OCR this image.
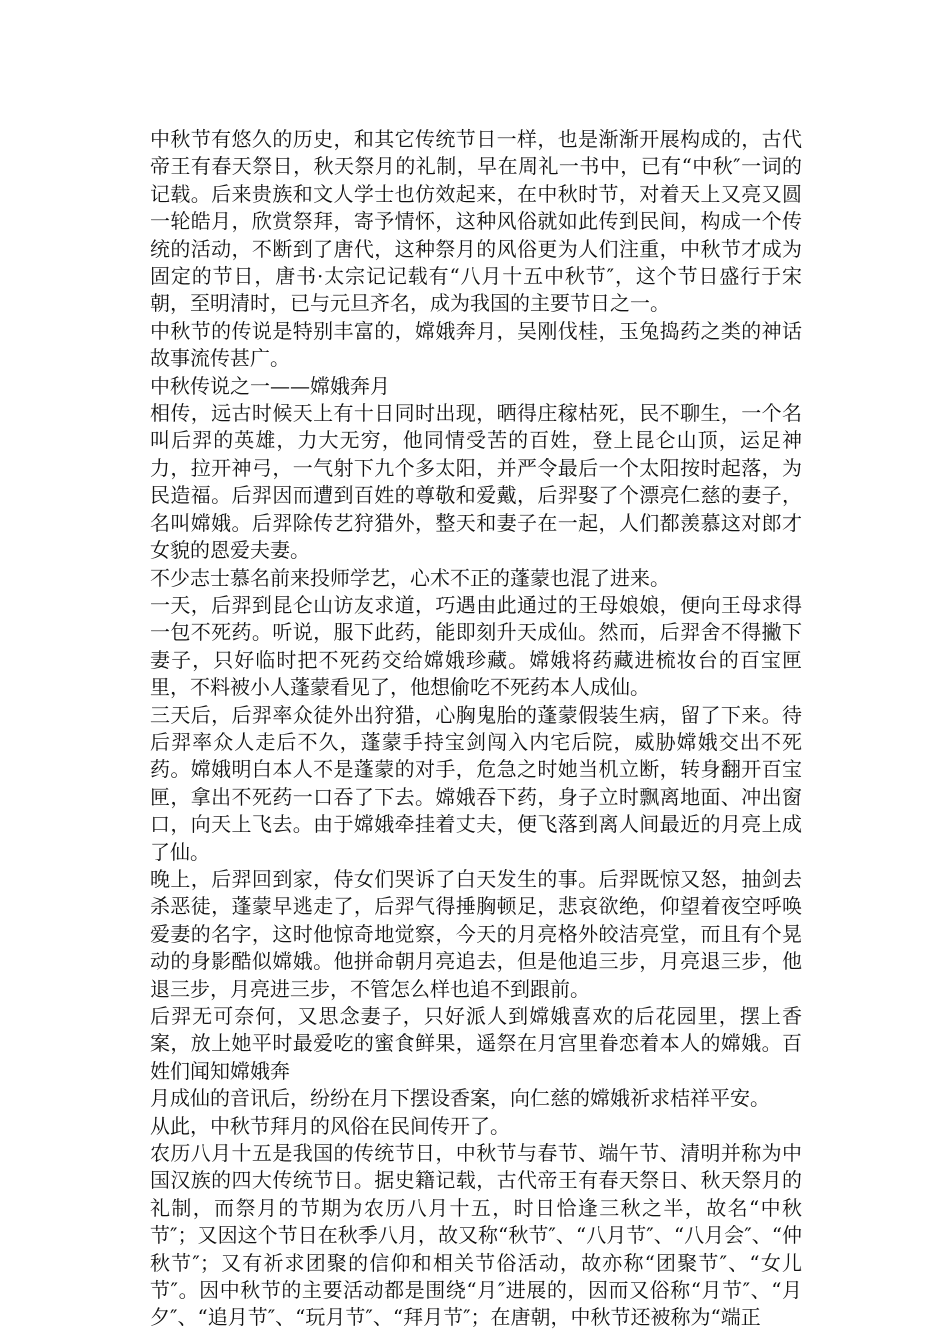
中秋节有悠久的历史，和其它传统节日一样，也是渐渐开展构成的，古代帝王有春天祭日，秋天祭月的礼制，早在周礼一书中，已有“中秋″一词的记载。后来贵族和文人学士也仿效起来，在中秋时节，对着天上又亮又圆一轮皓月，欣赏祭拜，寄予情怀，这种风俗就如此传到民间，构成一个传统的活动，不断到了唐代，这种祭月的风俗更为人们注重，中秋节才成为固定的节日，唐书·太宗记记载有“八月十五中秋节″，这个节日盛行于宋朝，至明清时，已与元旦齐名，成为我国的主要节日之一。

中秋节的传说是特别丰富的，嫦娥奔月，吴刚伐桂，玉兔捣药之类的神话故事流传甚广。

中秋传说之一——嫦娥奔月

相传，远古时候天上有十日同时出现，晒得庄稼枯死，民不聊生，一个名叫后羿的英雄，力大无穷，他同情受苦的百姓，登上昆仑山顶，运足神力，拉开神弓，一气射下九个多太阳，并严令最后一个太阳按时起落，为民造福。后羿因而遭到百姓的尊敬和爱戴，后羿娶了个漂亮仁慈的妻子，名叫嫦娥。后羿除传艺狩猎外，整天和妻子在一起，人们都羡慕这对郎才女貌的恩爱夫妻。

不少志士慕名前来投师学艺，心术不正的蓬蒙也混了进来。

一天，后羿到昆仑山访友求道，巧遇由此通过的王母娘娘，便向王母求得一包不死药。听说，服下此药，能即刻升天成仙。然而，后羿舍不得撇下妻子，只好临时把不死药交给嫦娥珍藏。嫦娥将药藏进梳妆台的百宝匣里，不料被小人蓬蒙看见了，他想偷吃不死药本人成仙。

三天后，后羿率众徒外出狩猎，心胸鬼胎的蓬蒙假装生病，留了下来。待后羿率众人走后不久，蓬蒙手持宝剑闯入内宅后院，威胁嫦娥交出不死药。嫦娥明白本人不是蓬蒙的对手，危急之时她当机立断，转身翻开百宝匣，拿出不死药一口吞了下去。嫦娥吞下药，身子立时飘离地面、冲出窗口，向天上飞去。由于嫦娥牵挂着丈夫，便飞落到离人间最近的月亮上成了仙。

晚上，后羿回到家，侍女们哭诉了白天发生的事。后羿既惊又怒，抽剑去杀恶徒，蓬蒙早逃走了，后羿气得捶胸顿足，悲哀欲绝，仰望着夜空呼唤爱妻的名字，这时他惊奇地觉察，今天的月亮格外皎洁亮堂，而且有个晃动的身影酷似嫦娥。他拼命朝月亮追去，但是他追三步，月亮退三步，他退三步，月亮进三步，不管怎么样也追不到跟前。

后羿无可奈何，又思念妻子，只好派人到嫦娥喜欢的后花园里，摆上香案，放上她平时最爱吃的蜜食鲜果，遥祭在月宫里眷恋着本人的嫦娥。百姓们闻知嫦娥奔

月成仙的音讯后，纷纷在月下摆设香案，向仁慈的嫦娥祈求桔祥平安。

从此，中秋节拜月的风俗在民间传开了。

农历八月十五是我国的传统节日，中秋节与春节、端午节、清明并称为中国汉族的四大传统节日。据史籍记载，古代帝王有春天祭日、秋天祭月的礼制，而祭月的节期为农历八月十五，时日恰逢三秋之半，故名“中秋节″；又因这个节日在秋季八月，故又称“秋节″、“八月节″、“八月会″、“仲秋节″；又有祈求团聚的信仰和相关节俗活动，故亦称“团聚节″、“女儿节″。因中秋节的主要活动都是围绕“月″进展的，因而又俗称“月节″、“月夕″、“追月节″、“玩月节″、“拜月节″；在唐朝，中秋节还被称为“端正
